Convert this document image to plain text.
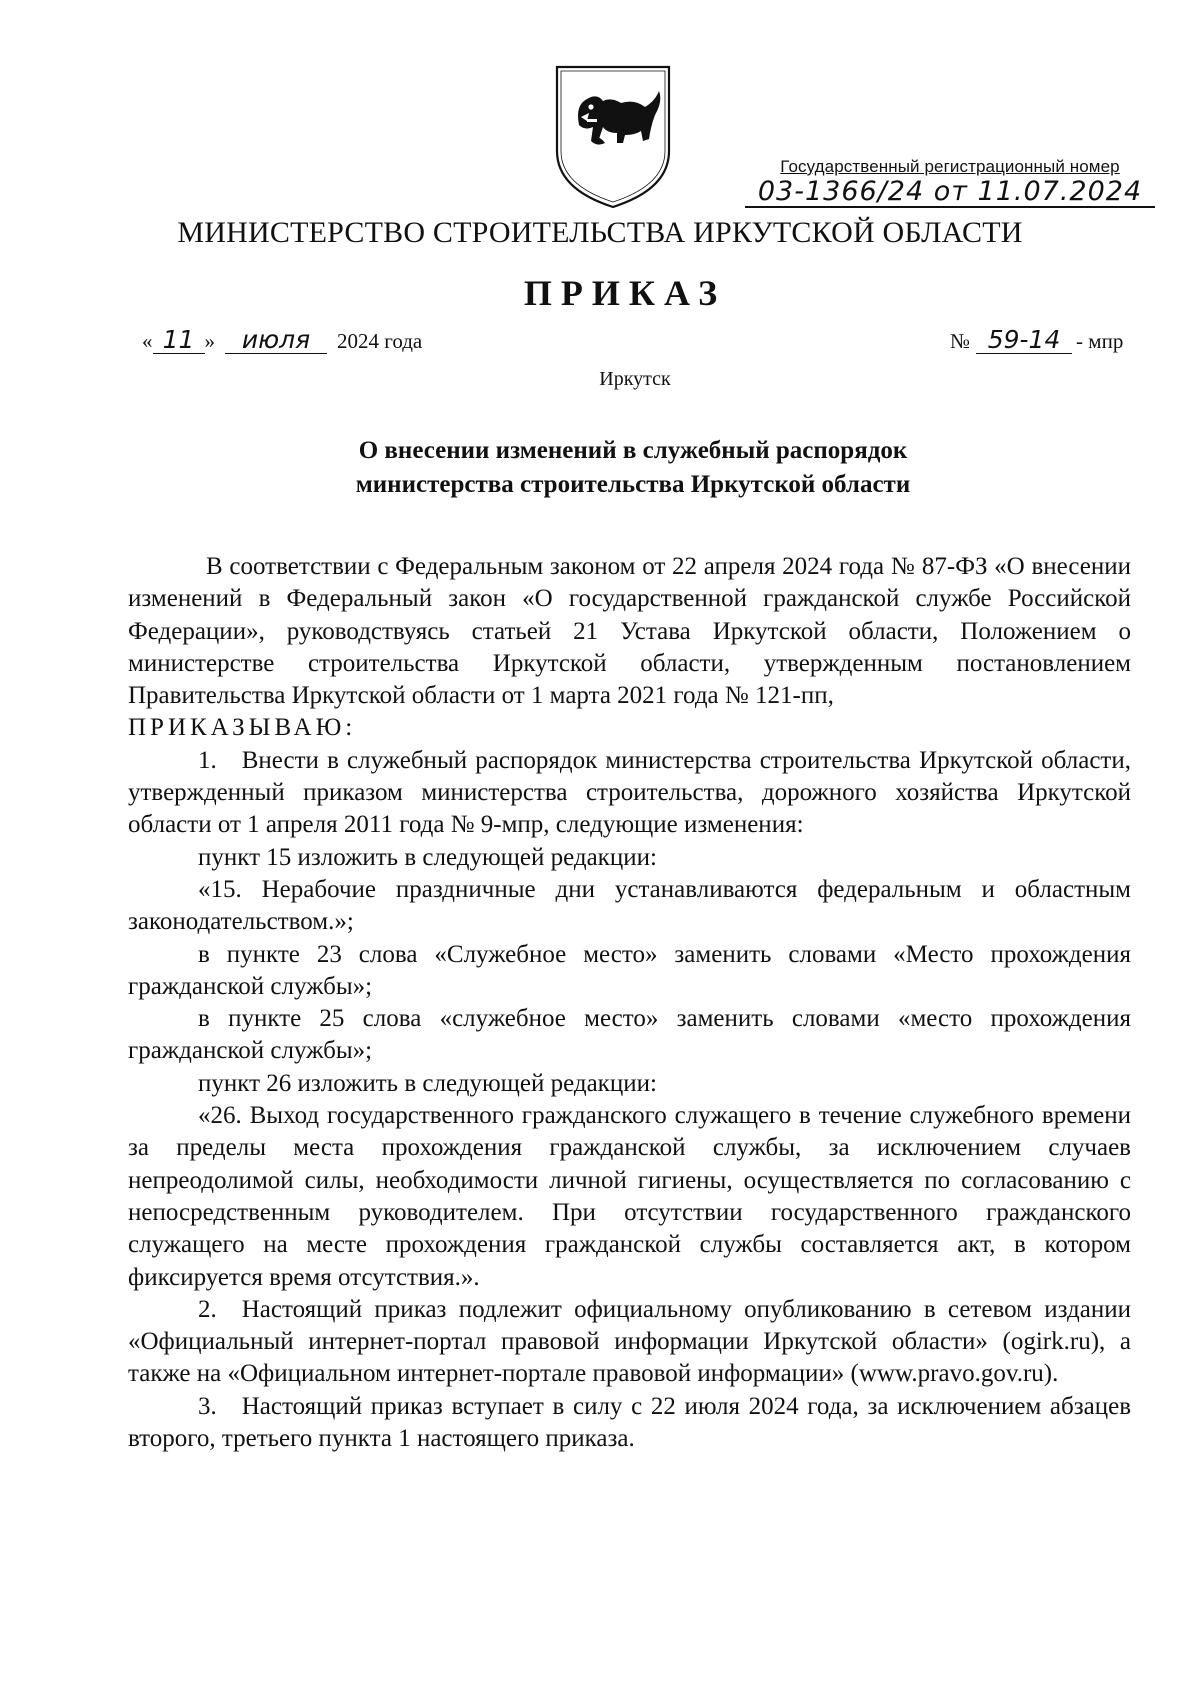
Государственный регистрационный номер
03-1366/24 от 11.07.2024
МИНИСТЕРСТВО СТРОИТЕЛЬСТВА ИРКУТСКОЙ ОБЛАСТИ
ПРИКАЗ
« 11 »	июля	2024 года	№ 59-14 - мпр
Иркутск
О внесении изменений в служебный распорядок
министерства строительства Иркутской области

В соответствии с Федеральным законом от 22 апреля 2024 года № 87-ФЗ «О внесении изменений в Федеральный закон «О государственной гражданской службе Российской Федерации», руководствуясь статьей 21 Устава Иркутской области, Положением о министерстве строительства Иркутской области, утвержденным постановлением Правительства Иркутской области от 1 марта 2021 года № 121-пп,

ПРИКАЗЫВАЮ:

1. Внести в служебный распорядок министерства строительства Иркутской области, утвержденный приказом министерства строительства, дорожного хозяйства Иркутской области от 1 апреля 2011 года № 9-мпр, следующие изменения:

пункт 15 изложить в следующей редакции:

«15. Нерабочие праздничные дни устанавливаются федеральным и областным законодательством.»;

в пункте 23 слова «Служебное место» заменить словами «Место прохождения гражданской службы»;

в пункте 25 слова «служебное место» заменить словами «место прохождения гражданской службы»;

пункт 26 изложить в следующей редакции:

«26. Выход государственного гражданского служащего в течение служебного времени за пределы места прохождения гражданской службы, за исключением случаев непреодолимой силы, необходимости личной гигиены, осуществляется по согласованию с непосредственным руководителем. При отсутствии государственного гражданского служащего на месте прохождения гражданской службы составляется акт, в котором фиксируется время отсутствия.».

2. Настоящий приказ подлежит официальному опубликованию в сетевом издании «Официальный интернет-портал правовой информации Иркутской области» (ogirk.ru), а также на «Официальном интернет-портале правовой информации» (www.pravo.gov.ru).

3. Настоящий приказ вступает в силу с 22 июля 2024 года, за исключением абзацев второго, третьего пункта 1 настоящего приказа.
